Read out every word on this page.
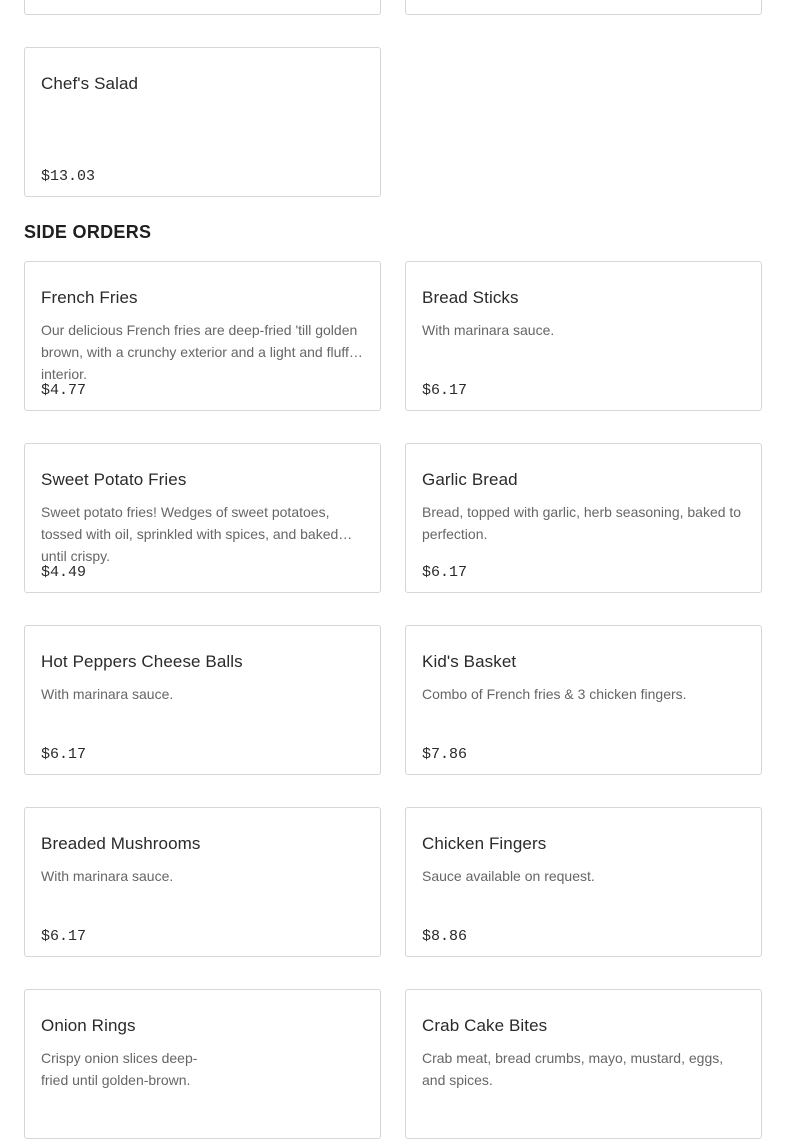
Chef's Salad
$13.03
SIDE ORDERS
French Fries
Our delicious French fries are deep-fried 'till golden brown, with a crunchy exterior and a light and fluffy interior.
$4.77
Bread Sticks
With marinara sauce.
$6.17
Sweet Potato Fries
Sweet potato fries! Wedges of sweet potatoes, tossed with oil, sprinkled with spices, and baked until crispy.
$4.49
Garlic Bread
Bread, topped with garlic, herb seasoning, baked to perfection.
$6.17
Hot Peppers Cheese Balls
With marinara sauce.
$6.17
Kid's Basket
Combo of French fries & 3 chicken fingers.
$7.86
Breaded Mushrooms
With marinara sauce.
$6.17
Chicken Fingers
Sauce available on request.
$8.86
Onion Rings
Crispy onion slices deep-fried until golden-brown.
Crab Cake Bites
Crab meat, bread crumbs, mayo, mustard, eggs, and spices.
